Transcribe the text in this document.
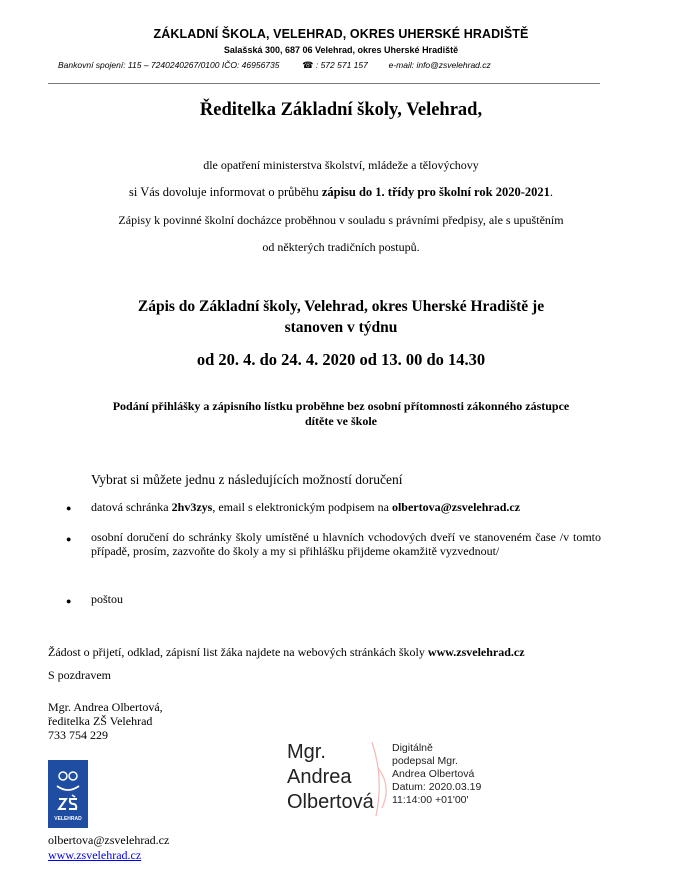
ZÁKLADNÍ ŠKOLA, VELEHRAD, OKRES UHERSKÉ HRADIŠTĚ
Salašská 300, 687 06 Velehrad, okres Uherské Hradiště
Bankovní spojení: 115 – 7240240267/0100 IČO: 46956735	☎ : 572 571 157 e-mail: info@zsvelehrad.cz
Ředitelka Základní školy, Velehrad,
dle opatření ministerstva školství, mládeže a tělovýchovy
si Vás dovoluje informovat o průběhu zápisu do 1. třídy pro školní rok 2020-2021.
Zápisy k povinné školní docházce proběhnou v souladu s právními předpisy, ale s upuštěním
od některých tradičních postupů.
Zápis do Základní školy, Velehrad, okres Uherské Hradiště je
stanoven v týdnu
od 20. 4. do 24. 4. 2020 od 13. 00 do 14.30
Podání přihlášky a zápisního lístku proběhne bez osobní přítomnosti zákonného zástupce
dítěte ve škole
Vybrat si můžete jednu z následujících možností doručení
● datová schránka 2hv3zys, email s elektronickým podpisem na olbertova@zsvelehrad.cz
● osobní doručení do schránky školy umístěné u hlavních vchodových dveří ve stanoveném čase /v tomto případě, prosím, zazvoňte do školy a my si přihlášku přijdeme okamžitě vyzvednout/
● poštou
Žádost o přijetí, odklad, zápisní list žáka najdete na webových stránkách školy www.zsvelehrad.cz
S pozdravem
Mgr. Andrea Olbertová,
ředitelka ZŠ Velehrad
733 754 229
VELEHRAD
olbertova@zsvelehrad.cz
www.zsvelehrad.cz
Mgr.
Andrea
Olbertová
Digitálně
podepsal Mgr.
Andrea Olbertová
Datum: 2020.03.19
11:14:00 +01'00'
